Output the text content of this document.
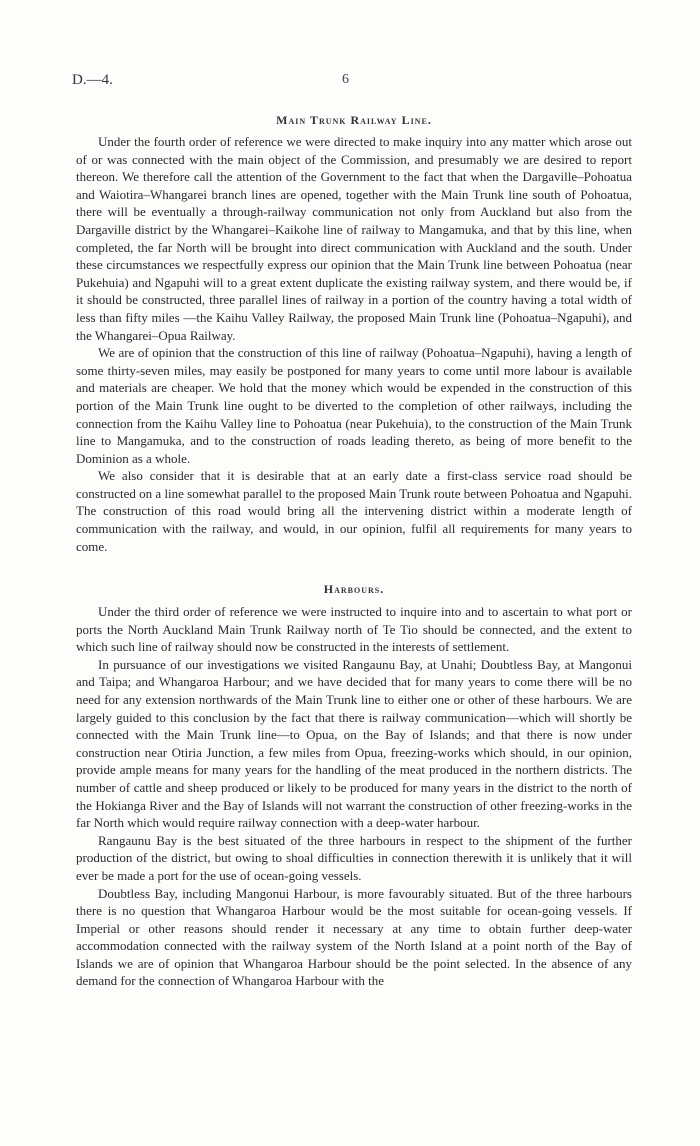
D.—4.	6
Main Trunk Railway Line.

Under the fourth order of reference we were directed to make inquiry into any matter which arose out of or was connected with the main object of the Commission, and presumably we are desired to report thereon. We therefore call the attention of the Government to the fact that when the Dargaville–Pohoatua and Waiotira–Whangarei branch lines are opened, together with the Main Trunk line south of Pohoatua, there will be eventually a through-railway communication not only from Auckland but also from the Dargaville district by the Whangarei–Kaikohe line of railway to Mangamuka, and that by this line, when completed, the far North will be brought into direct communication with Auckland and the south. Under these circumstances we respectfully express our opinion that the Main Trunk line between Pohoatua (near Pukehuia) and Ngapuhi will to a great extent duplicate the existing railway system, and there would be, if it should be constructed, three parallel lines of railway in a portion of the country having a total width of less than fifty miles —the Kaihu Valley Railway, the proposed Main Trunk line (Pohoatua–Ngapuhi), and the Whangarei–Opua Railway.

We are of opinion that the construction of this line of railway (Pohoatua–Ngapuhi), having a length of some thirty-seven miles, may easily be postponed for many years to come until more labour is available and materials are cheaper. We hold that the money which would be expended in the construction of this portion of the Main Trunk line ought to be diverted to the completion of other railways, including the connection from the Kaihu Valley line to Pohoatua (near Pukehuia), to the construction of the Main Trunk line to Mangamuka, and to the construction of roads leading thereto, as being of more benefit to the Dominion as a whole.

We also consider that it is desirable that at an early date a first-class service road should be constructed on a line somewhat parallel to the proposed Main Trunk route between Pohoatua and Ngapuhi. The construction of this road would bring all the intervening district within a moderate length of communication with the railway, and would, in our opinion, fulfil all requirements for many years to come.

Harbours.

Under the third order of reference we were instructed to inquire into and to ascertain to what port or ports the North Auckland Main Trunk Railway north of Te Tio should be connected, and the extent to which such line of railway should now be constructed in the interests of settlement.

In pursuance of our investigations we visited Rangaunu Bay, at Unahi; Doubtless Bay, at Mangonui and Taipa; and Whangaroa Harbour; and we have decided that for many years to come there will be no need for any extension northwards of the Main Trunk line to either one or other of these harbours. We are largely guided to this conclusion by the fact that there is railway communication—which will shortly be connected with the Main Trunk line—to Opua, on the Bay of Islands; and that there is now under construction near Otiria Junction, a few miles from Opua, freezing-works which should, in our opinion, provide ample means for many years for the handling of the meat produced in the northern districts. The number of cattle and sheep produced or likely to be produced for many years in the district to the north of the Hokianga River and the Bay of Islands will not warrant the construction of other freezing-works in the far North which would require railway connection with a deep-water harbour.

Rangaunu Bay is the best situated of the three harbours in respect to the shipment of the further production of the district, but owing to shoal difficulties in connection therewith it is unlikely that it will ever be made a port for the use of ocean-going vessels.

Doubtless Bay, including Mangonui Harbour, is more favourably situated. But of the three harbours there is no question that Whangaroa Harbour would be the most suitable for ocean-going vessels. If Imperial or other reasons should render it necessary at any time to obtain further deep-water accommodation connected with the railway system of the North Island at a point north of the Bay of Islands we are of opinion that Whangaroa Harbour should be the point selected. In the absence of any demand for the connection of Whangaroa Harbour with the
